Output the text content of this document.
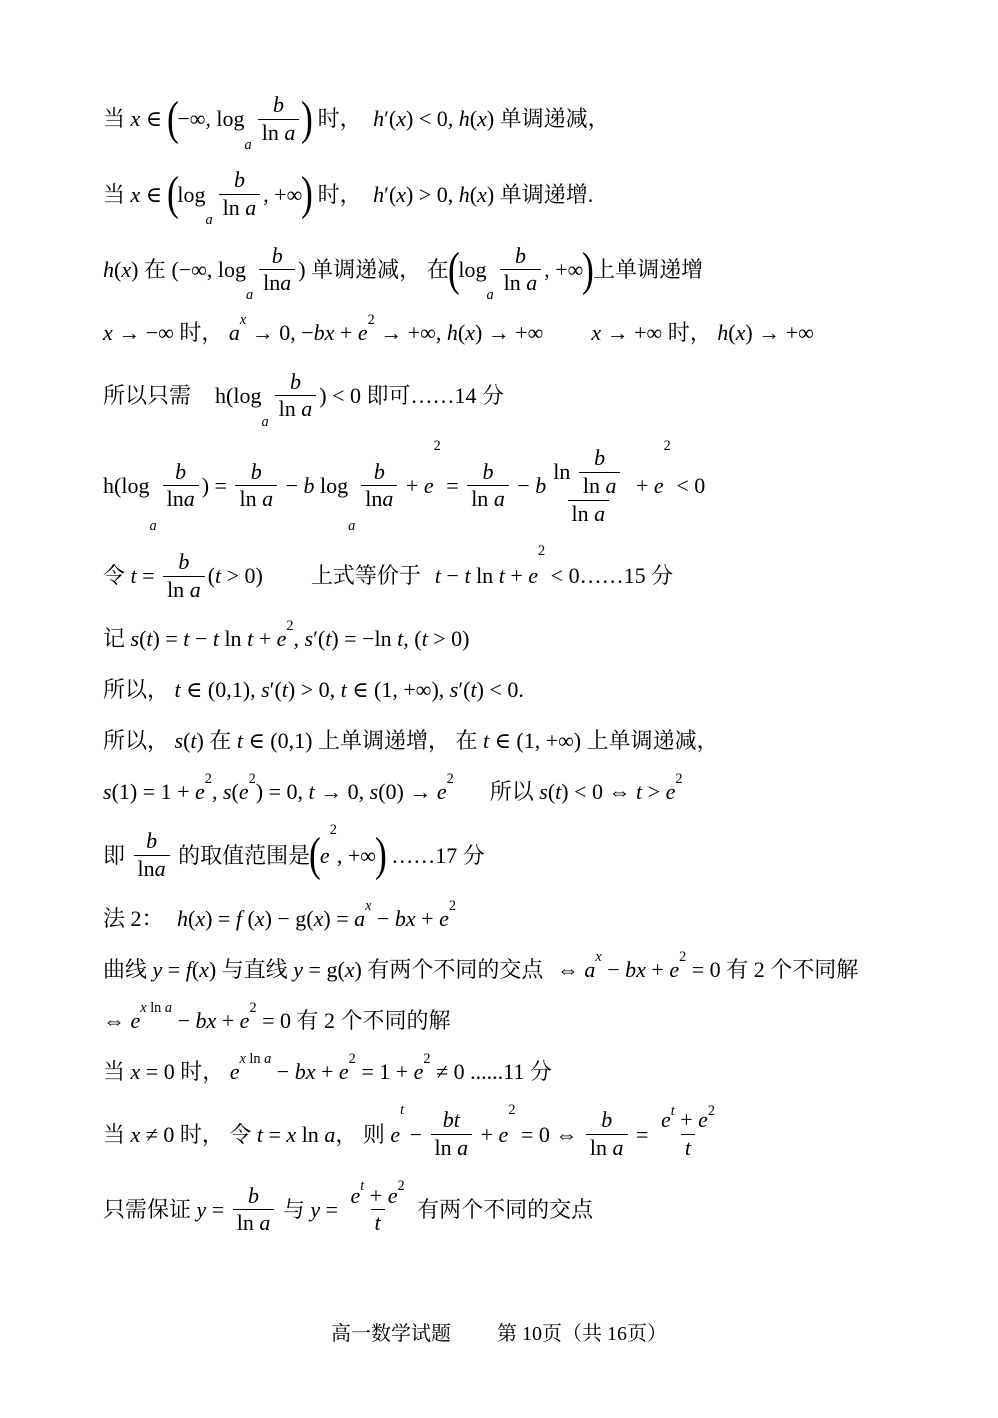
当 x ∈
(
−∞, log
a $\frac{b}{\text{ln a}}$ )
时， h ′( x ) < 0, h ( x ) 单调递减，
当 x ∈
(
log
a $\frac{b}{\text{ln a}}$ , +∞
)
时， h ′( x ) > 0, h ( x ) 单调递增.
h ( x ) 在 (−∞, log
a $\frac{b}{\text{ln a}}$ ) 单调递减， 在
(
log
a $\frac{b}{\text{ln a}}$ , +∞
)
上单调递增
x → −∞ 时， a
x
→ 0, − bx + e
2
→ +∞, h ( x ) → +∞ x → +∞ 时， h ( x ) → +∞
所以只需 h(log
a $\frac{b}{\text{ln a}}$ ) < 0 即可…… 14 分
h(log
a
$\frac{b}{\text{ln a}}$ ) = $\frac{b}{\text{ln a}} - b$ log
a
$\frac{b}{\text{ln a}} + e$
2
= $\frac{b}{\text{ln a}} - b \frac{\ln \frac{b}{\text{ln a}}}{\text{ln a}} + e$
2
< 0
令 $t = \frac{b}{\text{ln a}}$ ( t > 0) 上式等价于 t − t ln t + e
2
< 0 …… 15 分
记 s ( t ) = t − t ln t + e
2
, s ′( t ) = −ln t , ( t > 0)
所以， t ∈ (0,1), s ′( t ) > 0, t ∈ (1, +∞), s ′( t ) < 0.
所以， s ( t ) 在 t ∈ (0,1) 上单调递增， 在 t ∈ (1, +∞) 上单调递减，
s (1) = 1 + e
2
, s ( e
2
) = 0, t → 0, s (0) → e
2
所以 s ( t ) < 0 ⇔ t > e
2
即 $\frac{b}{\text{ln a}}$ 的取值范围是
(
e
2
, +∞
)
…… 17 分
法 2： h ( x ) = f ( x ) − g( x ) = a
x
− bx + e
2
曲线 y = f ( x ) 与直线 y = g( x ) 有两个不同的交点 ⇔ a
x
− bx + e
2
= 0 有 2 个不同解
⇔ e
x ln a
− bx + e
2
= 0 有 2 个不同的解
当 x = 0 时， e
x ln a
− bx + e
2
= 1 + e
2
≠ 0 ...... 11 分
当 x ≠ 0 时， 令 t = x ln a ， 则 e
t
− $\frac{bt}{\text{ln a}} + e$
2
= 0 ⇔ $\frac{b}{\text{ln a}} = \frac{\text{e t + e 2}}{t}$
只需保证 $y = \frac{b}{\text{ln a}}$ 与 $y = \frac{\text{e t + e 2}}{t}$ 有两个不同的交点
高一数学试题 第 10页（共 16页）
